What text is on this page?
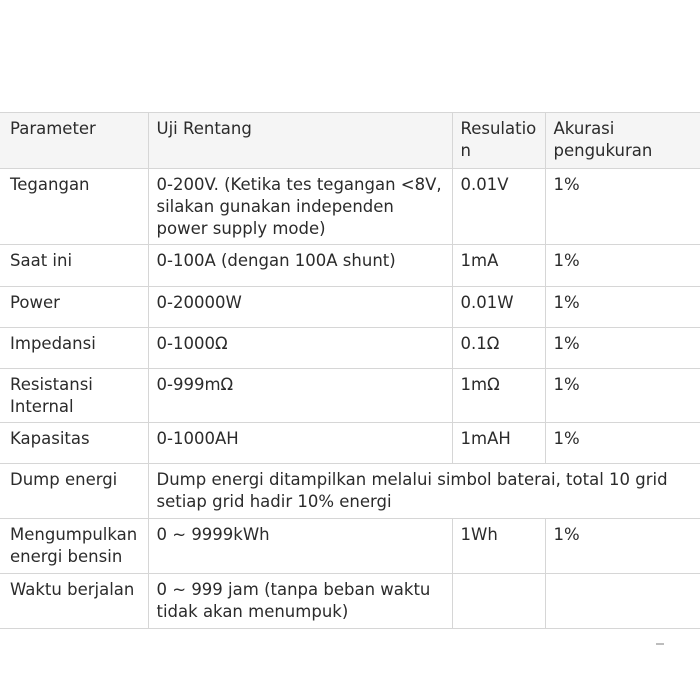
Parameter	Uji Rentang	Resulation	Akurasi pengukuran
Tegangan	0-200V. (Ketika tes tegangan <8V, silakan gunakan independen power supply mode)	0.01V	1%
Saat ini	0-100A (dengan 100A shunt)	1mA	1%
Power	0-20000W	0.01W	1%
Impedansi	0-1000Ω	0.1Ω	1%
Resistansi Internal	0-999mΩ	1mΩ	1%
Kapasitas	0-1000AH	1mAH	1%
Dump energi	Dump energi ditampilkan melalui simbol baterai, total 10 grid setiap grid hadir 10% energi		
Mengumpulkan energi bensin	0 ~ 9999kWh	1Wh	1%
Waktu berjalan	0 ~ 999 jam (tanpa beban waktu tidak akan menumpuk)		
